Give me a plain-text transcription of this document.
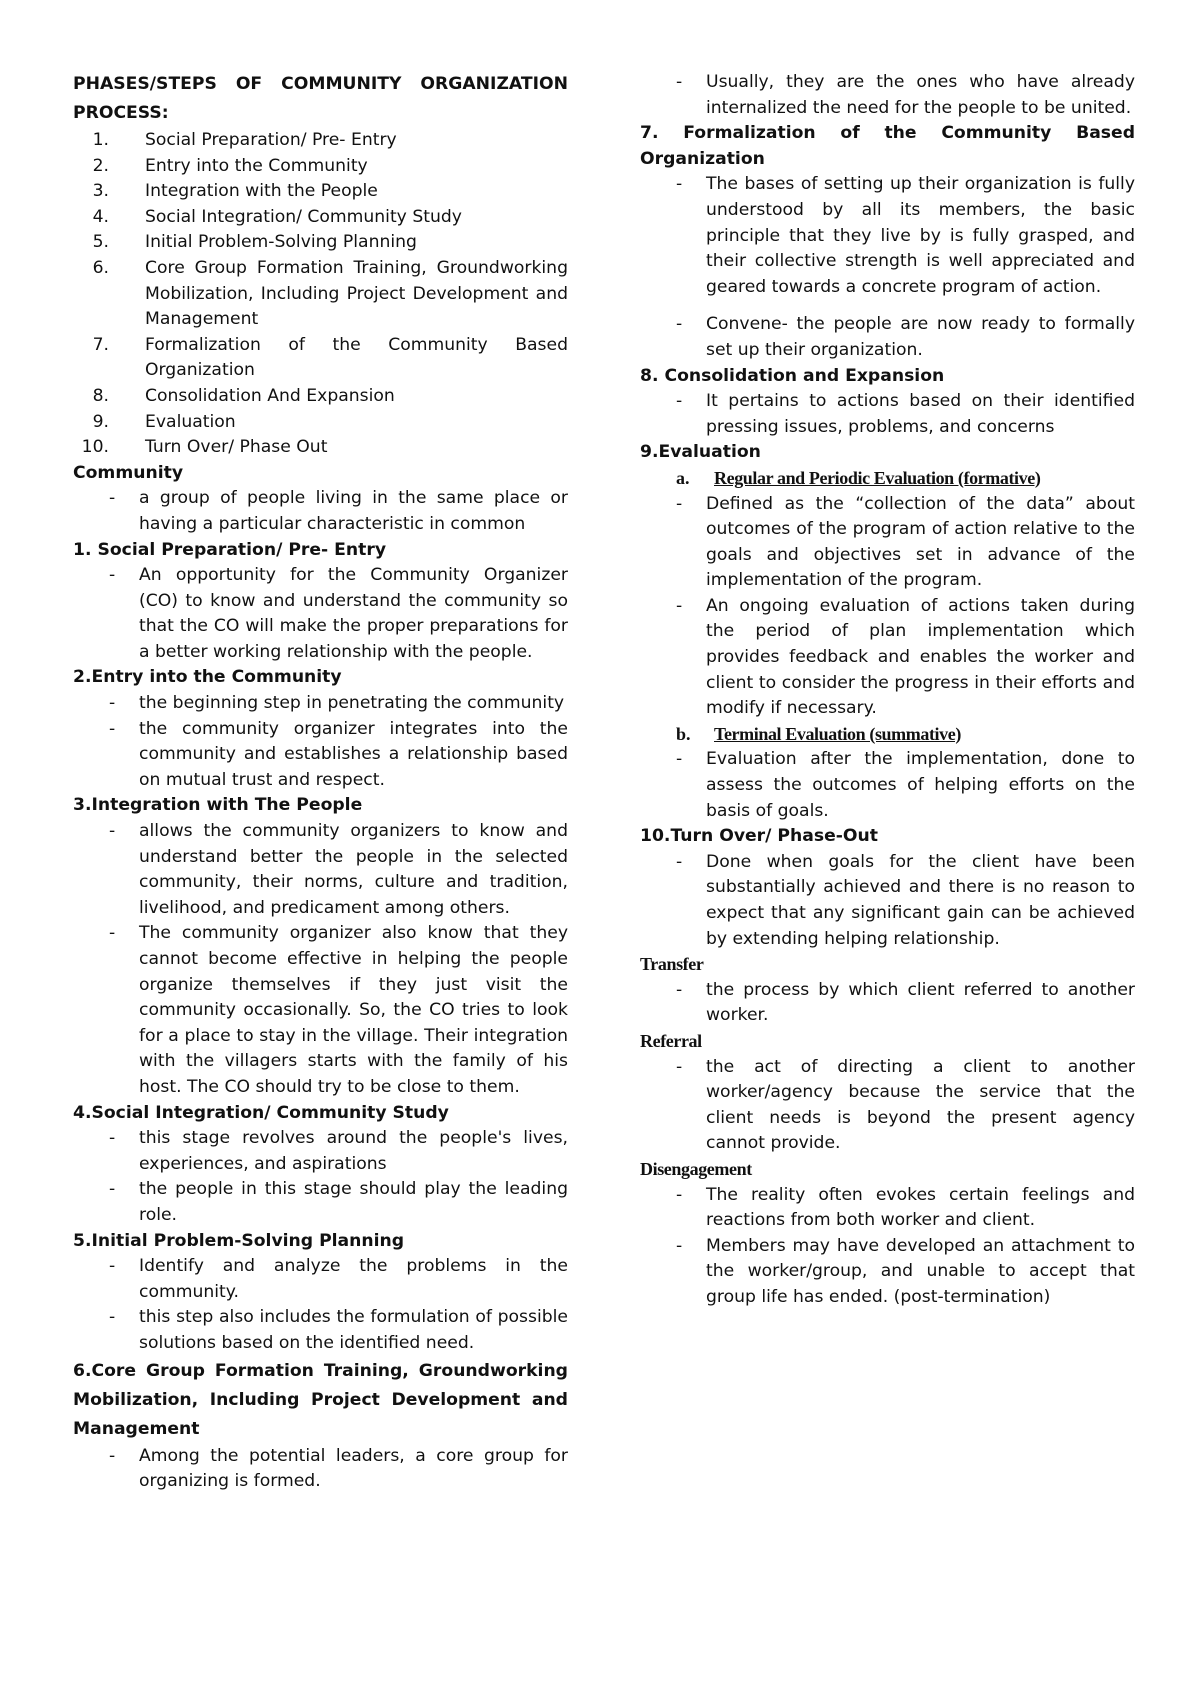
PHASES/STEPS OF COMMUNITY ORGANIZATION PROCESS:

1. Social Preparation/ Pre- Entry
2. Entry into the Community
3. Integration with the People
4. Social Integration/ Community Study
5. Initial Problem-Solving Planning
6. Core Group Formation Training, Groundworking Mobilization, Including Project Development and Management
7. Formalization of the Community Based Organization
8. Consolidation And Expansion
9. Evaluation
10. Turn Over/ Phase Out

Community

-	a group of people living in the same place or having a particular characteristic in common

1. Social Preparation/ Pre- Entry

-	An opportunity for the Community Organizer (CO) to know and understand the community so that the CO will make the proper preparations for a better working relationship with the people.

2.Entry into the Community

-	the beginning step in penetrating the community
-	the community organizer integrates into the community and establishes a relationship based on mutual trust and respect.

3.Integration with The People

-	allows the community organizers to know and understand better the people in the selected community, their norms, culture and tradition, livelihood, and predicament among others.
-	The community organizer also know that they cannot become effective in helping the people organize themselves if they just visit the community occasionally. So, the CO tries to look for a place to stay in the village. Their integration with the villagers starts with the family of his host. The CO should try to be close to them.

4.Social Integration/ Community Study

-	this stage revolves around the people's lives, experiences, and aspirations
-	the people in this stage should play the leading role.

5.Initial Problem-Solving Planning

-	Identify and analyze the problems in the community.
-	this step also includes the formulation of possible solutions based on the identified need.

6.Core Group Formation Training, Groundworking Mobilization, Including Project Development and Management

-	Among the potential leaders, a core group for organizing is formed.
-	Usually, they are the ones who have already internalized the need for the people to be united.

7. Formalization of the Community Based Organization

-	The bases of setting up their organization is fully understood by all its members, the basic principle that they live by is fully grasped, and their collective strength is well appreciated and geared towards a concrete program of action.
-	Convene- the people are now ready to formally set up their organization.

8. Consolidation and Expansion

-	It pertains to actions based on their identified pressing issues, problems, and concerns

9.Evaluation

a.	Regular and Periodic Evaluation (formative)
-	Defined as the “collection of the data” about outcomes of the program of action relative to the goals and objectives set in advance of the implementation of the program.
-	An ongoing evaluation of actions taken during the period of plan implementation which provides feedback and enables the worker and client to consider the progress in their efforts and modify if necessary.
b.	Terminal Evaluation (summative)
-	Evaluation after the implementation, done to assess the outcomes of helping efforts on the basis of goals.

10.Turn Over/ Phase-Out

-	Done when goals for the client have been substantially achieved and there is no reason to expect that any significant gain can be achieved by extending helping relationship.

Transfer

-	the process by which client referred to another worker.

Referral

-	the act of directing a client to another worker/agency because the service that the client needs is beyond the present agency cannot provide.

Disengagement

-	The reality often evokes certain feelings and reactions from both worker and client.
-	Members may have developed an attachment to the worker/group, and unable to accept that group life has ended. (post-termination)
